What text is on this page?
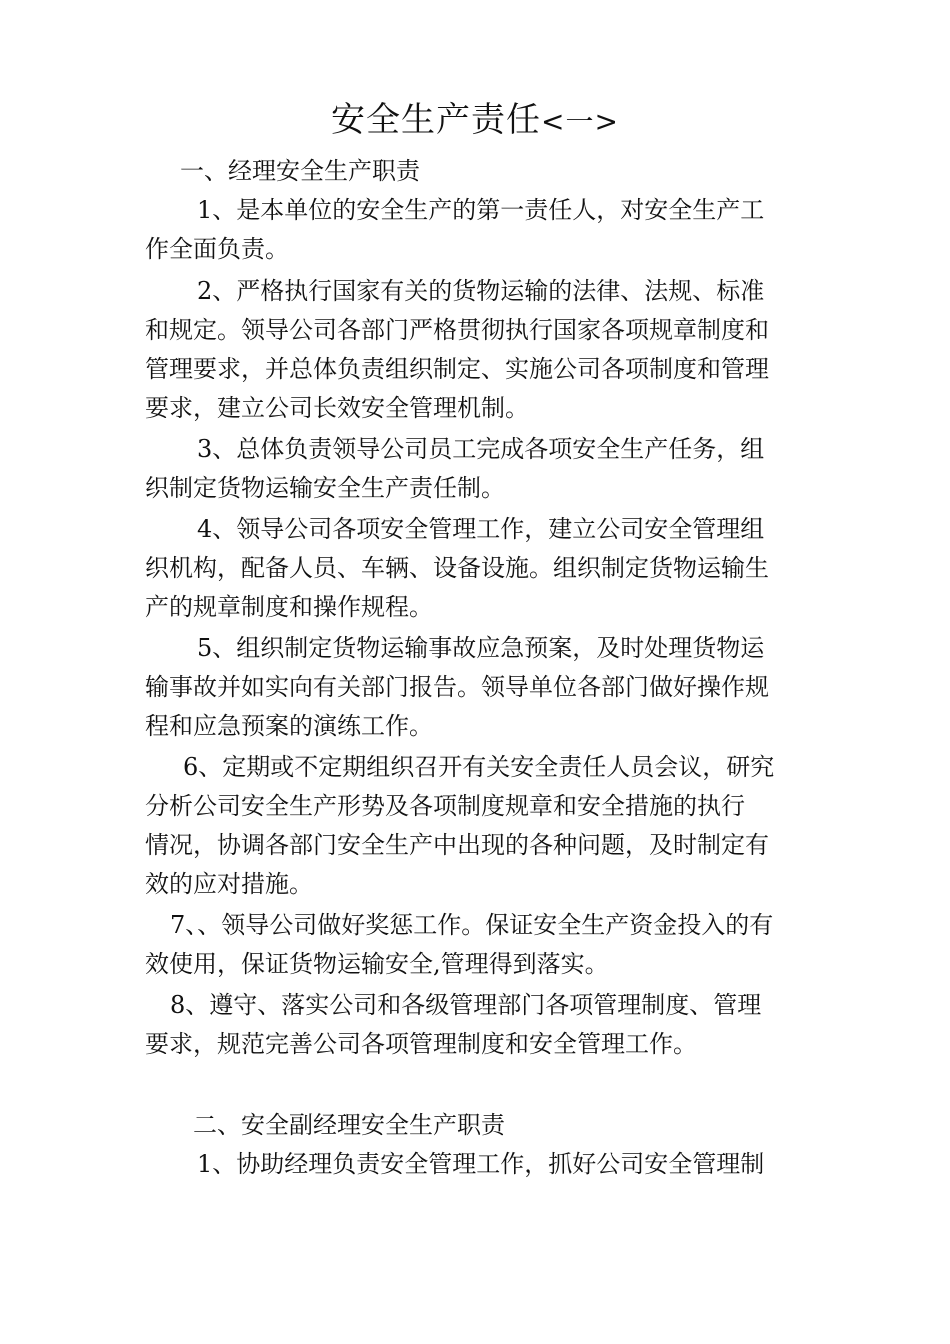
安全生产责任<一>
一、经理安全生产职责
1、是本单位的安全生产的第一责任人，对安全生产工
作全面负责。
2、严格执行国家有关的货物运输的法律、法规、标准
和规定。领导公司各部门严格贯彻执行国家各项规章制度和
管理要求，并总体负责组织制定、实施公司各项制度和管理
要求，建立公司长效安全管理机制。
3、总体负责领导公司员工完成各项安全生产任务，组
织制定货物运输安全生产责任制。
4、领导公司各项安全管理工作，建立公司安全管理组
织机构，配备人员、车辆、设备设施。组织制定货物运输生
产的规章制度和操作规程。
5、组织制定货物运输事故应急预案，及时处理货物运
输事故并如实向有关部门报告。领导单位各部门做好操作规
程和应急预案的演练工作。
6、定期或不定期组织召开有关安全责任人员会议，研究
分析公司安全生产形势及各项制度规章和安全措施的执行
情况，协调各部门安全生产中出现的各种问题，及时制定有
效的应对措施。
7、、领导公司做好奖惩工作。保证安全生产资金投入的有
效使用，保证货物运输安全,管理得到落实。
8、遵守、落实公司和各级管理部门各项管理制度、管理
要求，规范完善公司各项管理制度和安全管理工作。
二、安全副经理安全生产职责
1、协助经理负责安全管理工作，抓好公司安全管理制
